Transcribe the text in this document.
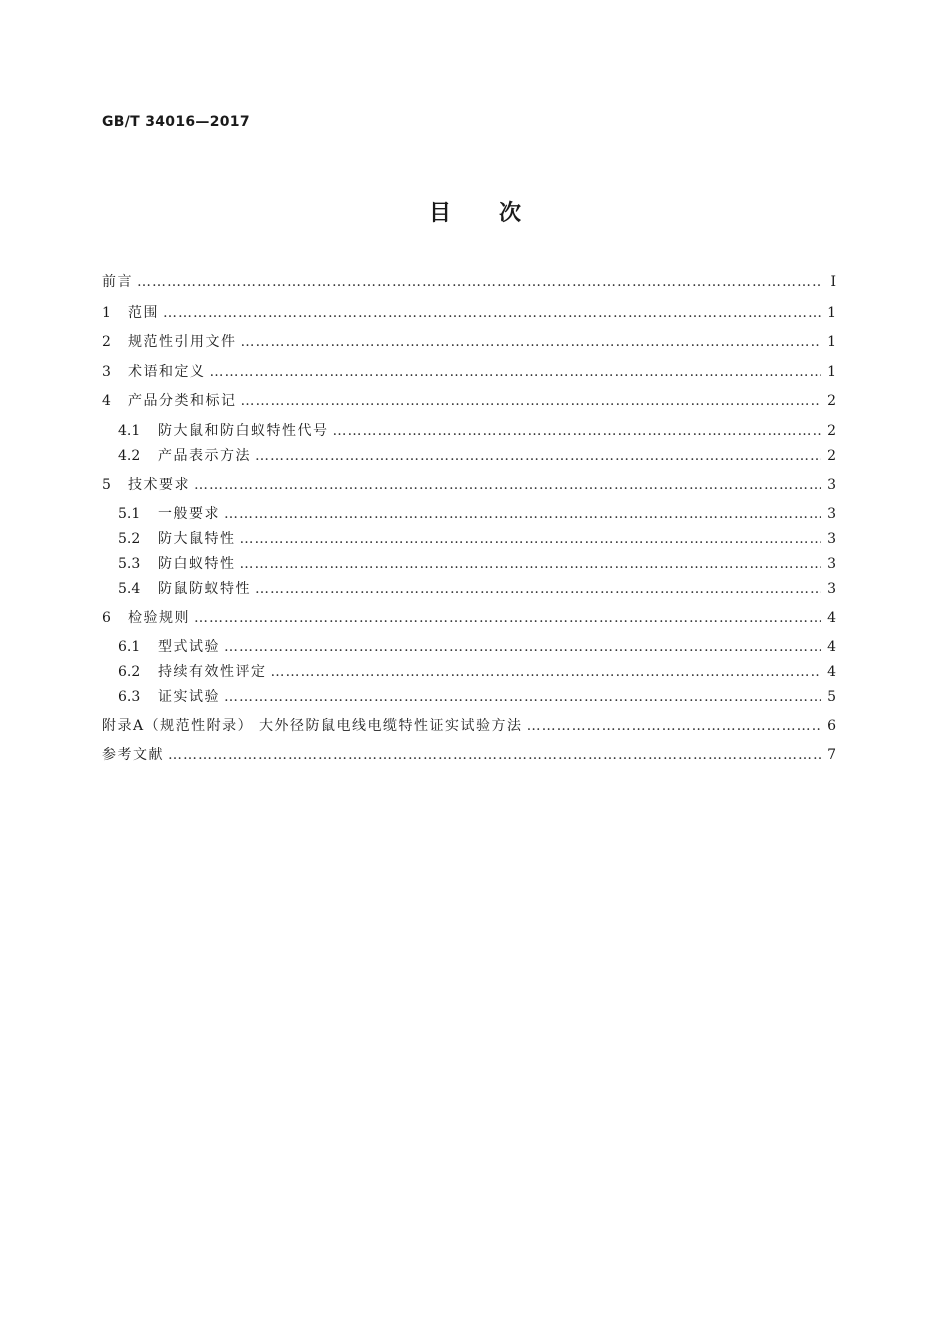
GB/T 34016—2017
目次
前言 …………………………………………………………………………………………………………………………………………………………………………………………………………………………………………	Ⅰ
1	范围 …………………………………………………………………………………………………………………………………………………………………………………………………………………………………………	1
2	规范性引用文件 …………………………………………………………………………………………………………………………………………………………………………………………………………………………………………	1
3	术语和定义 …………………………………………………………………………………………………………………………………………………………………………………………………………………………………………	1
4	产品分类和标记 …………………………………………………………………………………………………………………………………………………………………………………………………………………………………………	2
4.1	防大鼠和防白蚁特性代号 …………………………………………………………………………………………………………………………………………………………………………………………………………………………………………	2
4.2	产品表示方法 …………………………………………………………………………………………………………………………………………………………………………………………………………………………………………	2
5	技术要求 …………………………………………………………………………………………………………………………………………………………………………………………………………………………………………	3
5.1	一般要求 …………………………………………………………………………………………………………………………………………………………………………………………………………………………………………	3
5.2	防大鼠特性 …………………………………………………………………………………………………………………………………………………………………………………………………………………………………………	3
5.3	防白蚁特性 …………………………………………………………………………………………………………………………………………………………………………………………………………………………………………	3
5.4	防鼠防蚁特性 …………………………………………………………………………………………………………………………………………………………………………………………………………………………………………	3
6	检验规则 …………………………………………………………………………………………………………………………………………………………………………………………………………………………………………	4
6.1	型式试验 …………………………………………………………………………………………………………………………………………………………………………………………………………………………………………	4
6.2	持续有效性评定 …………………………………………………………………………………………………………………………………………………………………………………………………………………………………………	4
6.3	证实试验 …………………………………………………………………………………………………………………………………………………………………………………………………………………………………………	5
附录A（规范性附录） 大外径防鼠电线电缆特性证实试验方法 …………………………………………………………………………………………………………………………………………………………………………………………………………………………………………	6
参考文献 …………………………………………………………………………………………………………………………………………………………………………………………………………………………………………	7
